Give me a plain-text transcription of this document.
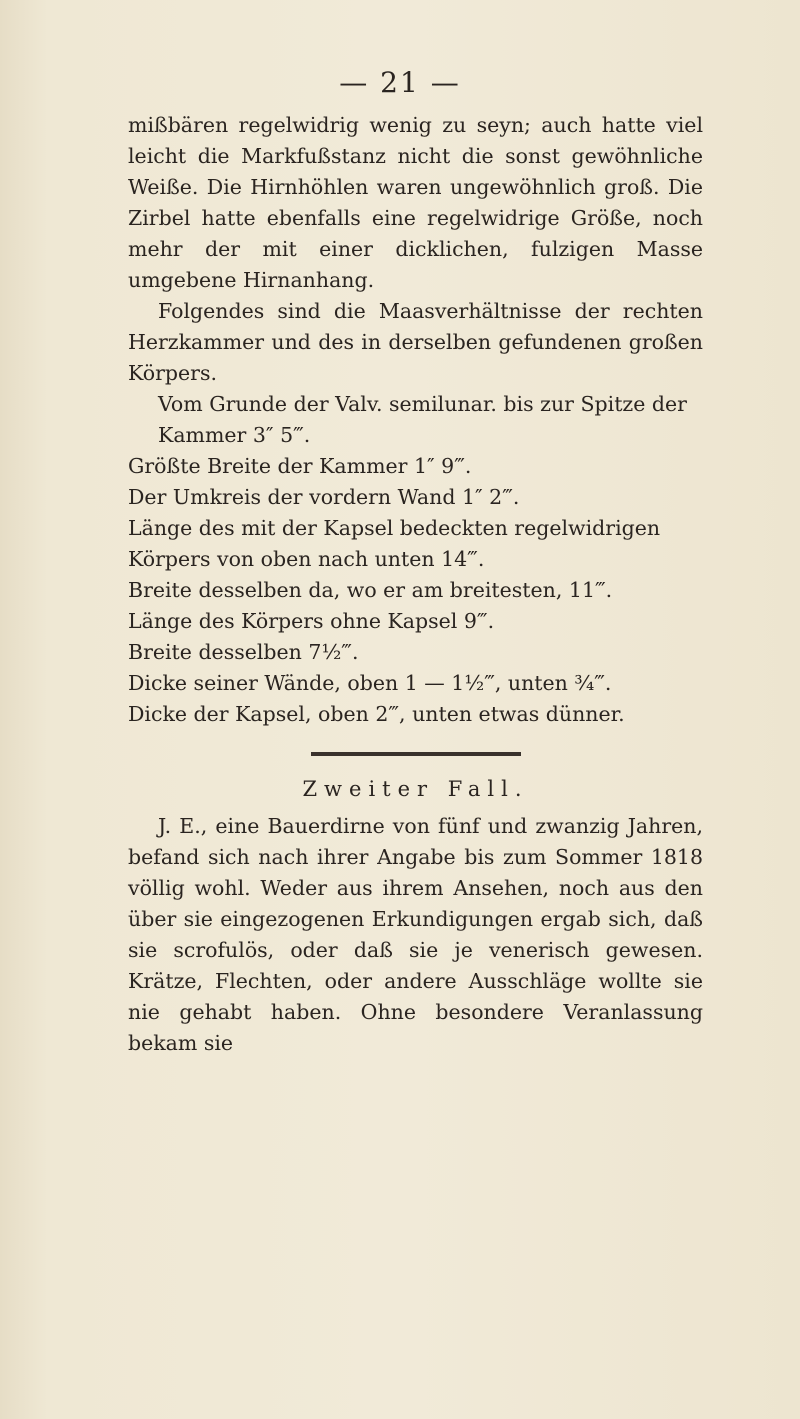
— 21 —

mißbären regelwidrig wenig zu seyn; auch hatte viel leicht die Markfußstanz nicht die sonst gewöhnliche Weiße. Die Hirnhöhlen waren ungewöhnlich groß. Die Zirbel hatte ebenfalls eine regelwidrige Größe, noch mehr der mit einer dicklichen, fulzigen Masse umgebene Hirnanhang.

Folgendes sind die Maasverhältnisse der rechten Herzkammer und des in derselben gefundenen großen Körpers.

Vom Grunde der Valv. semilunar. bis zur Spitze der Kammer 3″ 5‴.

Größte Breite der Kammer 1″ 9‴.

Der Umkreis der vordern Wand 1″ 2‴.

Länge des mit der Kapsel bedeckten regelwidrigen Körpers von oben nach unten 14‴.

Breite desselben da, wo er am breitesten, 11‴.

Länge des Körpers ohne Kapsel 9‴.

Breite desselben 7½‴.

Dicke seiner Wände, oben 1 — 1½‴, unten ¾‴.

Dicke der Kapsel, oben 2‴, unten etwas dünner.

Zweiter Fall.

J. E., eine Bauerdirne von fünf und zwanzig Jahren, befand sich nach ihrer Angabe bis zum Sommer 1818 völlig wohl. Weder aus ihrem Ansehen, noch aus den über sie eingezogenen Erkundigungen ergab sich, daß sie scrofulös, oder daß sie je venerisch gewesen. Krätze, Flechten, oder andere Ausschläge wollte sie nie gehabt haben. Ohne besondere Veranlassung bekam sie
